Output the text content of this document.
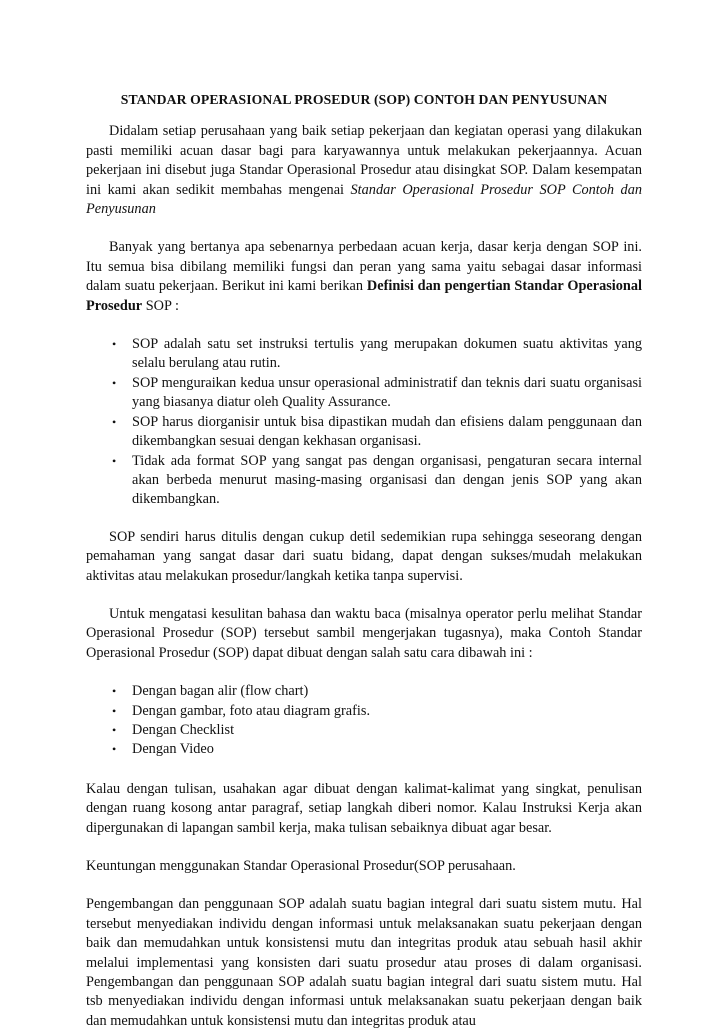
STANDAR OPERASIONAL PROSEDUR (SOP) CONTOH DAN PENYUSUNAN

Didalam setiap perusahaan yang baik setiap pekerjaan dan kegiatan operasi yang dilakukan pasti memiliki acuan dasar bagi para karyawannya untuk melakukan pekerjaannya. Acuan pekerjaan ini disebut juga Standar Operasional Prosedur atau disingkat SOP. Dalam kesempatan ini kami akan sedikit membahas mengenai Standar Operasional Prosedur SOP Contoh dan Penyusunan

Banyak yang bertanya apa sebenarnya perbedaan acuan kerja, dasar kerja dengan SOP ini. Itu semua bisa dibilang memiliki fungsi dan peran yang sama yaitu sebagai dasar informasi dalam suatu pekerjaan. Berikut ini kami berikan Definisi dan pengertian Standar Operasional Prosedur SOP :

• SOP adalah satu set instruksi tertulis yang merupakan dokumen suatu aktivitas yang selalu berulang atau rutin.
• SOP menguraikan kedua unsur operasional administratif dan teknis dari suatu organisasi yang biasanya diatur oleh Quality Assurance.
• SOP harus diorganisir untuk bisa dipastikan mudah dan efisiens dalam penggunaan dan dikembangkan sesuai dengan kekhasan organisasi.
• Tidak ada format SOP yang sangat pas dengan organisasi, pengaturan secara internal akan berbeda menurut masing-masing organisasi dan dengan jenis SOP yang akan dikembangkan.

SOP sendiri harus ditulis dengan cukup detil sedemikian rupa sehingga seseorang dengan pemahaman yang sangat dasar dari suatu bidang, dapat dengan sukses/mudah melakukan aktivitas atau melakukan prosedur/langkah ketika tanpa supervisi.

Untuk mengatasi kesulitan bahasa dan waktu baca (misalnya operator perlu melihat Standar Operasional Prosedur (SOP) tersebut sambil mengerjakan tugasnya), maka Contoh Standar Operasional Prosedur (SOP) dapat dibuat dengan salah satu cara dibawah ini :

• Dengan bagan alir (flow chart)
• Dengan gambar, foto atau diagram grafis.
• Dengan Checklist
• Dengan Video

Kalau dengan tulisan, usahakan agar dibuat dengan kalimat-kalimat yang singkat, penulisan dengan ruang kosong antar paragraf, setiap langkah diberi nomor. Kalau Instruksi Kerja akan dipergunakan di lapangan sambil kerja, maka tulisan sebaiknya dibuat agar besar.

Keuntungan menggunakan Standar Operasional Prosedur(SOP perusahaan.

Pengembangan dan penggunaan SOP adalah suatu bagian integral dari suatu sistem mutu. Hal tersebut menyediakan individu dengan informasi untuk melaksanakan suatu pekerjaan dengan baik dan memudahkan untuk konsistensi mutu dan integritas produk atau sebuah hasil akhir melalui implementasi yang konsisten dari suatu prosedur atau proses di dalam organisasi. Pengembangan dan penggunaan SOP adalah suatu bagian integral dari suatu sistem mutu. Hal tsb menyediakan individu dengan informasi untuk melaksanakan suatu pekerjaan dengan baik dan memudahkan untuk konsistensi mutu dan integritas produk atau
